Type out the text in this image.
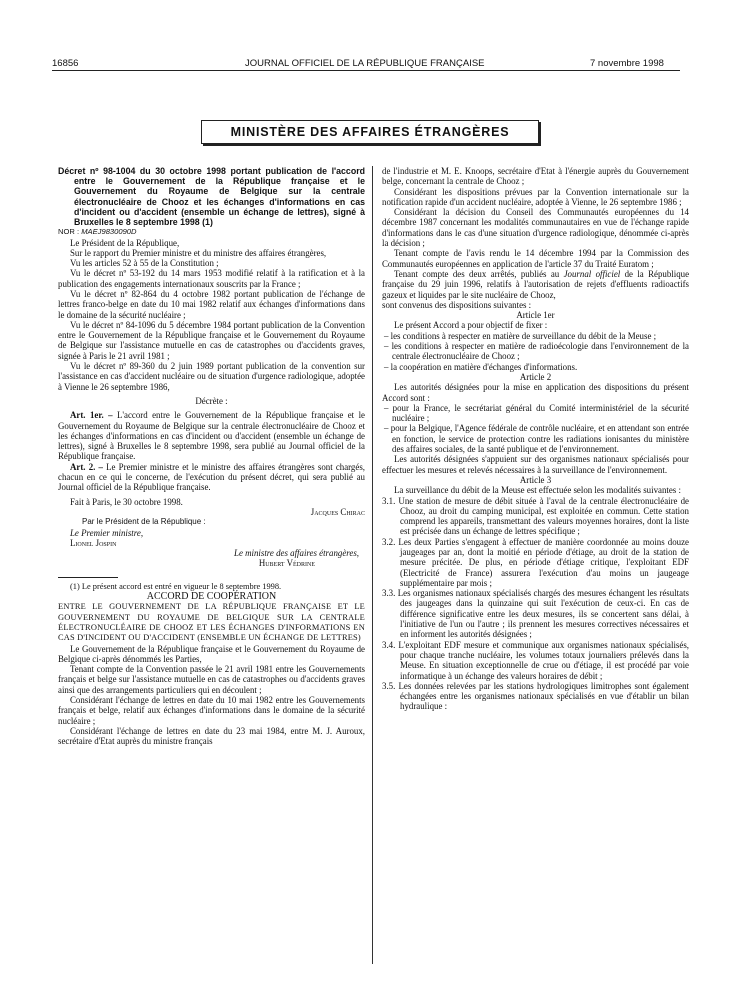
16856	JOURNAL OFFICIEL DE LA RÉPUBLIQUE FRANÇAISE	7 novembre 1998
MINISTÈRE DES AFFAIRES ÉTRANGÈRES

Décret nº 98-1004 du 30 octobre 1998 portant publication de l'accord entre le Gouvernement de la République française et le Gouvernement du Royaume de Belgique sur la centrale électronucléaire de Chooz et les échanges d'informations en cas d'incident ou d'accident (ensemble un échange de lettres), signé à Bruxelles le 8 septembre 1998 (1)

NOR : MAEJ9830090D

Le Président de la République,

Sur le rapport du Premier ministre et du ministre des affaires étrangères,

Vu les articles 52 à 55 de la Constitution ;

Vu le décret nº 53-192 du 14 mars 1953 modifié relatif à la ratification et à la publication des engagements internationaux souscrits par la France ;

Vu le décret nº 82-864 du 4 octobre 1982 portant publication de l'échange de lettres franco-belge en date du 10 mai 1982 relatif aux échanges d'informations dans le domaine de la sécurité nucléaire ;

Vu le décret nº 84-1096 du 5 décembre 1984 portant publication de la Convention entre le Gouvernement de la République française et le Gouvernement du Royaume de Belgique sur l'assistance mutuelle en cas de catastrophes ou d'accidents graves, signée à Paris le 21 avril 1981 ;

Vu le décret nº 89-360 du 2 juin 1989 portant publication de la convention sur l'assistance en cas d'accident nucléaire ou de situation d'urgence radiologique, adoptée à Vienne le 26 septembre 1986,

Décrète :

Art. 1er. – L'accord entre le Gouvernement de la République française et le Gouvernement du Royaume de Belgique sur la centrale électronucléaire de Chooz et les échanges d'informations en cas d'incident ou d'accident (ensemble un échange de lettres), signé à Bruxelles le 8 septembre 1998, sera publié au Journal officiel de la République française.

Art. 2. – Le Premier ministre et le ministre des affaires étrangères sont chargés, chacun en ce qui le concerne, de l'exécution du présent décret, qui sera publié au Journal officiel de la République française.

Fait à Paris, le 30 octobre 1998.

Jacques Chirac

Par le Président de la République :

Le Premier ministre,

Lionel Jospin

Le ministre des affaires étrangères,

Hubert Védrine

(1) Le présent accord est entré en vigueur le 8 septembre 1998.

ACCORD DE COOPÉRATION

ENTRE LE GOUVERNEMENT DE LA RÉPUBLIQUE FRANÇAISE ET LE GOUVERNEMENT DU ROYAUME DE BELGIQUE SUR LA CENTRALE ÉLECTRONUCLÉAIRE DE CHOOZ ET LES ÉCHANGES D'INFORMATIONS EN CAS D'INCIDENT OU D'ACCIDENT (ENSEMBLE UN ÉCHANGE DE LETTRES)

Le Gouvernement de la République française et le Gouvernement du Royaume de Belgique ci-après dénommés les Parties,

Tenant compte de la Convention passée le 21 avril 1981 entre les Gouvernements français et belge sur l'assistance mutuelle en cas de catastrophes ou d'accidents graves ainsi que des arrangements particuliers qui en découlent ;

Considérant l'échange de lettres en date du 10 mai 1982 entre les Gouvernements français et belge, relatif aux échanges d'informations dans le domaine de la sécurité nucléaire ;

Considérant l'échange de lettres en date du 23 mai 1984, entre M. J. Auroux, secrétaire d'Etat auprès du ministre français

de l'industrie et M. E. Knoops, secrétaire d'Etat à l'énergie auprès du Gouvernement belge, concernant la centrale de Chooz ;

Considérant les dispositions prévues par la Convention internationale sur la notification rapide d'un accident nucléaire, adoptée à Vienne, le 26 septembre 1986 ;

Considérant la décision du Conseil des Communautés européennes du 14 décembre 1987 concernant les modalités communautaires en vue de l'échange rapide d'informations dans le cas d'une situation d'urgence radiologique, dénommée ci-après la décision ;

Tenant compte de l'avis rendu le 14 décembre 1994 par la Commission des Communautés européennes en application de l'article 37 du Traité Euratom ;

Tenant compte des deux arrêtés, publiés au Journal officiel de la République française du 29 juin 1996, relatifs à l'autorisation de rejets d'effluents radioactifs gazeux et liquides par le site nucléaire de Chooz,

sont convenus des dispositions suivantes :

Article 1er

Le présent Accord a pour objectif de fixer :

– les conditions à respecter en matière de surveillance du débit de la Meuse ;

– les conditions à respecter en matière de radioécologie dans l'environnement de la centrale électronucléaire de Chooz ;

– la coopération en matière d'échanges d'informations.

Article 2

Les autorités désignées pour la mise en application des dispositions du présent Accord sont :

– pour la France, le secrétariat général du Comité interministériel de la sécurité nucléaire ;

– pour la Belgique, l'Agence fédérale de contrôle nucléaire, et en attendant son entrée en fonction, le service de protection contre les radiations ionisantes du ministère des affaires sociales, de la santé publique et de l'environnement.

Les autorités désignées s'appuient sur des organismes nationaux spécialisés pour effectuer les mesures et relevés nécessaires à la surveillance de l'environnement.

Article 3

La surveillance du débit de la Meuse est effectuée selon les modalités suivantes :

3.1. Une station de mesure de débit située à l'aval de la centrale électronucléaire de Chooz, au droit du camping municipal, est exploitée en commun. Cette station comprend les appareils, transmettant des valeurs moyennes horaires, dont la liste est précisée dans un échange de lettres spécifique ;

3.2. Les deux Parties s'engagent à effectuer de manière coordonnée au moins douze jaugeages par an, dont la moitié en période d'étiage, au droit de la station de mesure précitée. De plus, en période d'étiage critique, l'exploitant EDF (Electricité de France) assurera l'exécution d'au moins un jaugeage supplémentaire par mois ;

3.3. Les organismes nationaux spécialisés chargés des mesures échangent les résultats des jaugeages dans la quinzaine qui suit l'exécution de ceux-ci. En cas de différence significative entre les deux mesures, ils se concertent sans délai, à l'initiative de l'un ou l'autre ; ils prennent les mesures correctives nécessaires et en informent les autorités désignées ;

3.4. L'exploitant EDF mesure et communique aux organismes nationaux spécialisés, pour chaque tranche nucléaire, les volumes totaux journaliers prélevés dans la Meuse. En situation exceptionnelle de crue ou d'étiage, il est procédé par voie informatique à un échange des valeurs horaires de débit ;

3.5. Les données relevées par les stations hydrologiques limitrophes sont également échangées entre les organismes nationaux spécialisés en vue d'établir un bilan hydraulique :
